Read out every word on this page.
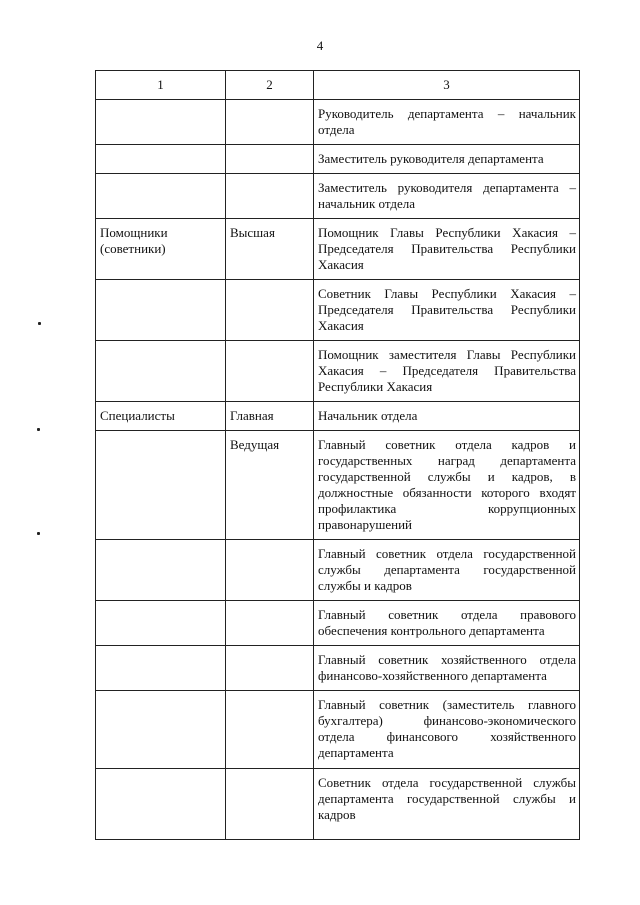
4
1	2	3

		Руководитель департамента – начальник отдела

		Заместитель руководителя департамента

		Заместитель руководителя департамента – начальник отдела

Помощники (советники)	Высшая	Помощник Главы Республики Хакасия – Председателя Правительства Республики Хакасия

		Советник Главы Республики Хакасия – Председателя Правительства Республики Хакасия

		Помощник заместителя Главы Республики Хакасия – Председателя Правительства Республики Хакасия

Специалисты	Главная	Начальник отдела

	Ведущая	Главный советник отдела кадров и государственных наград департамента государственной службы и кадров, в должностные обязанности которого входят профилактика коррупционных правонарушений

		Главный советник отдела государственной службы департамента государственной службы и кадров

		Главный советник отдела правового обеспечения контрольного департамента

		Главный советник хозяйственного отдела финансово-хозяйственного департамента

		Главный советник (заместитель главного бухгалтера) финансово-экономического отдела финансового хозяйственного департамента

		Советник отдела государственной службы департамента государственной службы и кадров
